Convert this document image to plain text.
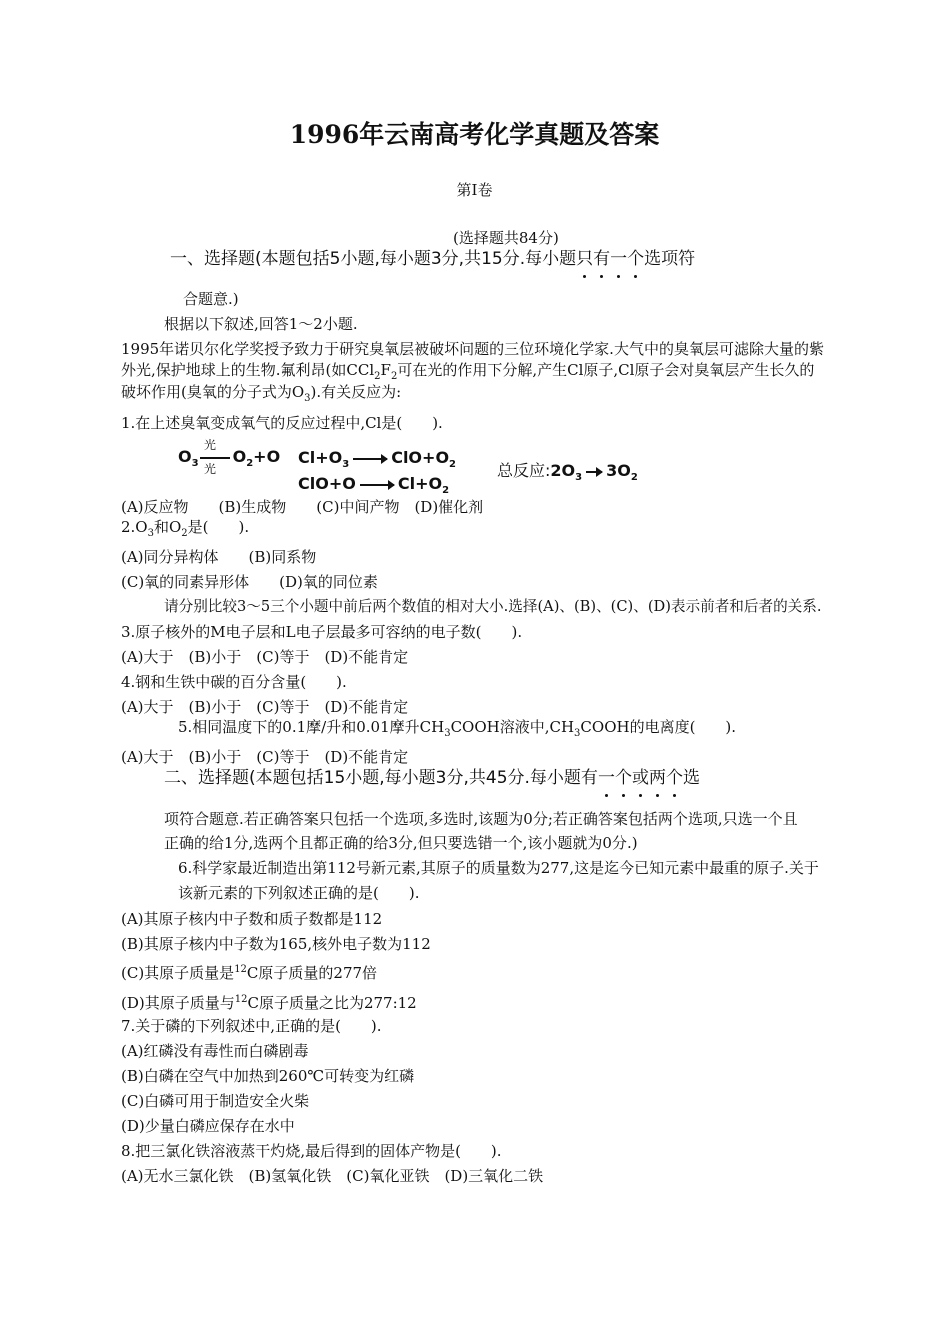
1996年云南高考化学真题及答案
第I卷
(选择题共84分)
一、选择题(本题包括5小题,每小题3分,共15分.每小题只有一个选项符
合题意.)
根据以下叙述,回答1～2小题.
1995年诺贝尔化学奖授予致力于研究臭氧层被破坏问题的三位环境化学家.大气中的臭氧层可滤除大量的紫
外光,保护地球上的生物.氟利昂(如$CCl_2F_2$可在光的作用下分解,产生Cl原子,Cl原子会对臭氧层产生长久的
破坏作用(臭氧的分子式为$O_3$).有关反应为:
1.在上述臭氧变成氧气的反应过程中,Cl是(　　).
$O_3$ $O_2+O$
光
光
$Cl+O_3$	$ClO+O_2$
ClO+O	$Cl+O_2$
总反应$:2O_3$ $3O_2$
(A)反应物　　(B)生成物　　(C)中间产物　(D)催化剂
$2.O_3$和$O_2$是(　　).
(A)同分异构体　　(B)同系物
(C)氧的同素异形体　　(D)氧的同位素
请分别比较3～5三个小题中前后两个数值的相对大小.选择(A)、(B)、(C)、(D)表示前者和后者的关系.
3.原子核外的M电子层和L电子层最多可容纳的电子数(　　).
(A)大于　(B)小于　(C)等于　(D)不能肯定
4.钢和生铁中碳的百分含量(　　).
(A)大于　(B)小于　(C)等于　(D)不能肯定
5.相同温度下的0.1摩/升和0.01摩升$CH_3COOH$溶液中$,CH_3COOH$的电离度(　　).
(A)大于　(B)小于　(C)等于　(D)不能肯定
二、选择题(本题包括15小题,每小题3分,共45分.每小题有一个或两个选
项符合题意.若正确答案只包括一个选项,多选时,该题为0分;若正确答案包括两个选项,只选一个且
正确的给1分,选两个且都正确的给3分,但只要选错一个,该小题就为0分.)
6.科学家最近制造出第112号新元素,其原子的质量数为277,这是迄今已知元素中最重的原子.关于
该新元素的下列叙述正确的是(　　).
(A)其原子核内中子数和质子数都是112
(B)其原子核内中子数为165,核外电子数为112
(C)其原子质量是$^{12}$C原子质量的277倍
(D)其原子质量与$^{12}$C原子质量之比为277:12
7.关于磷的下列叙述中,正确的是(　　).
(A)红磷没有毒性而白磷剧毒
(B)白磷在空气中加热到260℃可转变为红磷
(C)白磷可用于制造安全火柴
(D)少量白磷应保存在水中
8.把三氯化铁溶液蒸干灼烧,最后得到的固体产物是(　　).
(A)无水三氯化铁　(B)氢氧化铁　(C)氧化亚铁　(D)三氧化二铁
